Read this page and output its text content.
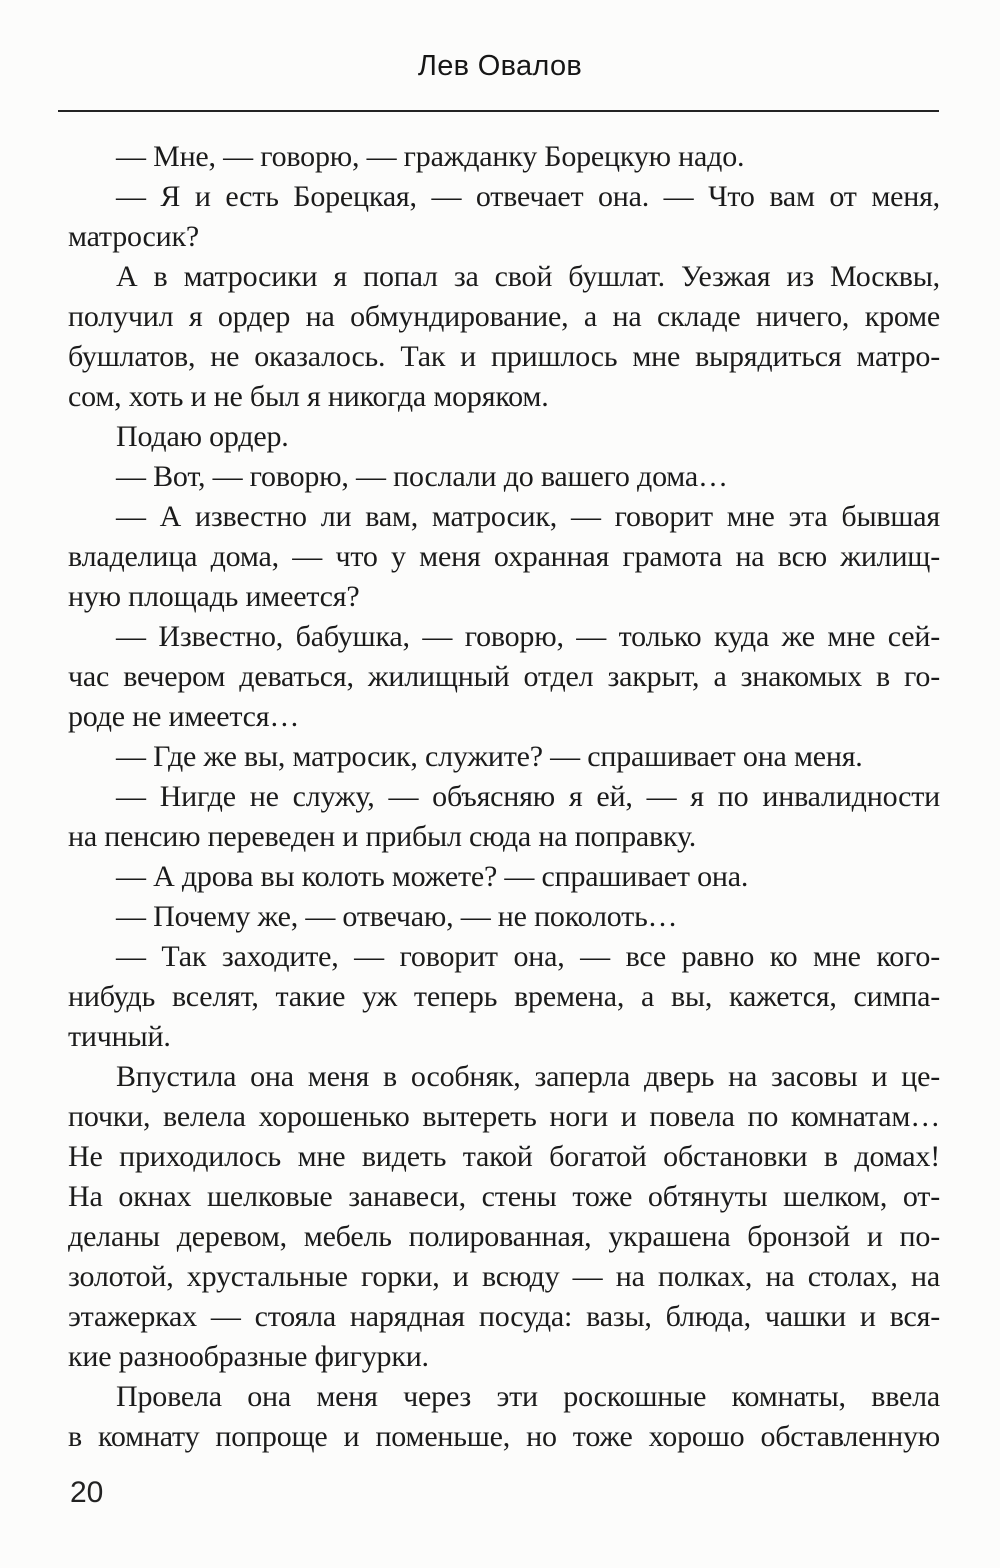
Лев Овалов
— Мне, — говорю, — гражданку Борецкую надо.
— Я и есть Борецкая, — отвечает она. — Что вам от меня,
матросик?
А в матросики я попал за свой бушлат. Уезжая из Москвы,
получил я ордер на обмундирование, а на складе ничего, кроме
бушлатов, не оказалось. Так и пришлось мне вырядиться матро-
сом, хоть и не был я никогда моряком.
Подаю ордер.
— Вот, — говорю, — послали до вашего дома…
— А известно ли вам, матросик, — говорит мне эта бывшая
владелица дома, — что у меня охранная грамота на всю жилищ-
ную площадь имеется?
— Известно, бабушка, — говорю, — только куда же мне сей-
час вечером деваться, жилищный отдел закрыт, а знакомых в го-
роде не имеется…
— Где же вы, матросик, служите? — спрашивает она меня.
— Нигде не служу, — объясняю я ей, — я по инвалидности
на пенсию переведен и прибыл сюда на поправку.
— А дрова вы колоть можете? — спрашивает она.
— Почему же, — отвечаю, — не поколоть…
— Так заходите, — говорит она, — все равно ко мне кого-
нибудь вселят, такие уж теперь времена, а вы, кажется, симпа-
тичный.
Впустила она меня в особняк, заперла дверь на засовы и це-
почки, велела хорошенько вытереть ноги и повела по комнатам…
Не приходилось мне видеть такой богатой обстановки в домах!
На окнах шелковые занавеси, стены тоже обтянуты шелком, от-
деланы деревом, мебель полированная, украшена бронзой и по-
золотой, хрустальные горки, и всюду — на полках, на столах, на
этажерках — стояла нарядная посуда: вазы, блюда, чашки и вся-
кие разнообразные фигурки.
Провела она меня через эти роскошные комнаты, ввела
в комнату попроще и поменьше, но тоже хорошо обставленную
20
